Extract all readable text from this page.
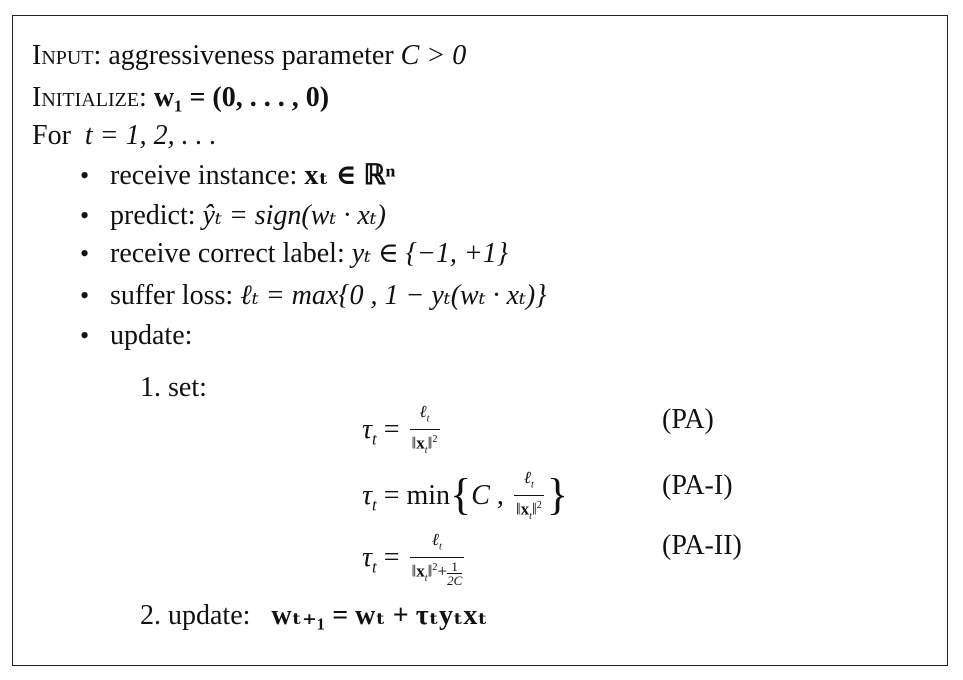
Input: aggressiveness parameter C > 0
Initialize: w₁ = (0, . . . , 0)
For t = 1, 2, . . .
• receive instance: xₜ ∈ ℝⁿ
• predict: ŷₜ = sign(wₜ · xₜ)
• receive correct label: yₜ ∈ {−1, +1}
• suffer loss: ℓₜ = max{0 , 1 − yₜ(wₜ · xₜ)}
• update:
1. set:
$\tau_t = \frac{\ell_t}{‖x_t‖^2}$	(PA)
$\tau_t = \min\{C$ , $\frac{\ell_t}{‖x_t‖^2}$ }	(PA-I)
$\tau_t = \frac{\ell_t}{‖x_t‖^2+ \frac{1}{2C}}$	(PA-II)
2. update: wₜ₊₁ = wₜ + τₜyₜxₜ
